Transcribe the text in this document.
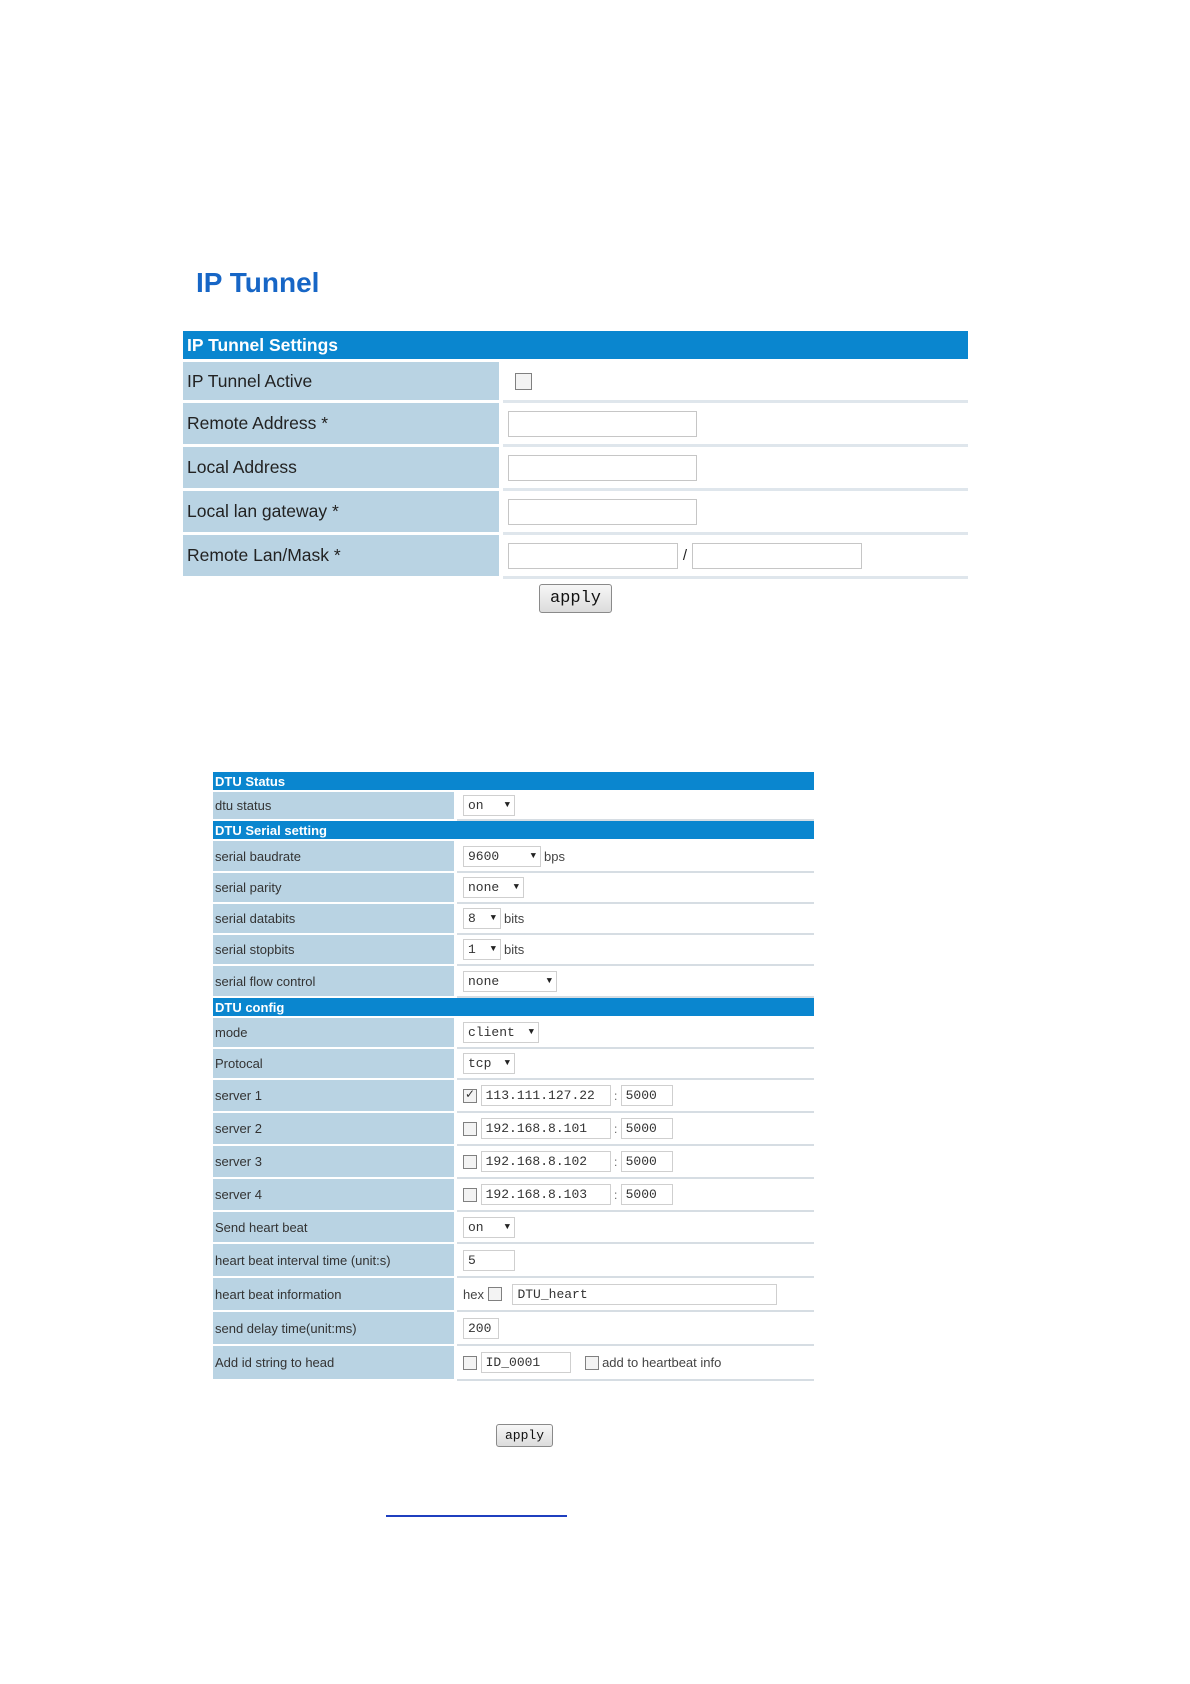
IP Tunnel
IP Tunnel Settings	
IP Tunnel Active	
Remote Address *	
Local Address	
Local lan gateway *	
Remote Lan/Mask *	/
apply
DTU Status	
dtu status	on ▼

DTU Serial setting	
serial baudrate	9600 ▼ bps
serial parity	none ▼

serial databits	8 ▼ bits
serial stopbits	1 ▼ bits
serial flow control	none ▼

DTU config	
mode	client ▼

Protocal	tcp ▼

server 1	✓113.111.127.22 : 5000
server 2	192.168.8.101 : 5000
server 3	192.168.8.102 : 5000
server 4	192.168.8.103 : 5000
Send heart beat	on ▼

heart beat interval time (unit:s)	5
heart beat information	hex DTU_heart
send delay time(unit:ms)	200
Add id string to head	ID_0001 add to heartbeat info
apply
